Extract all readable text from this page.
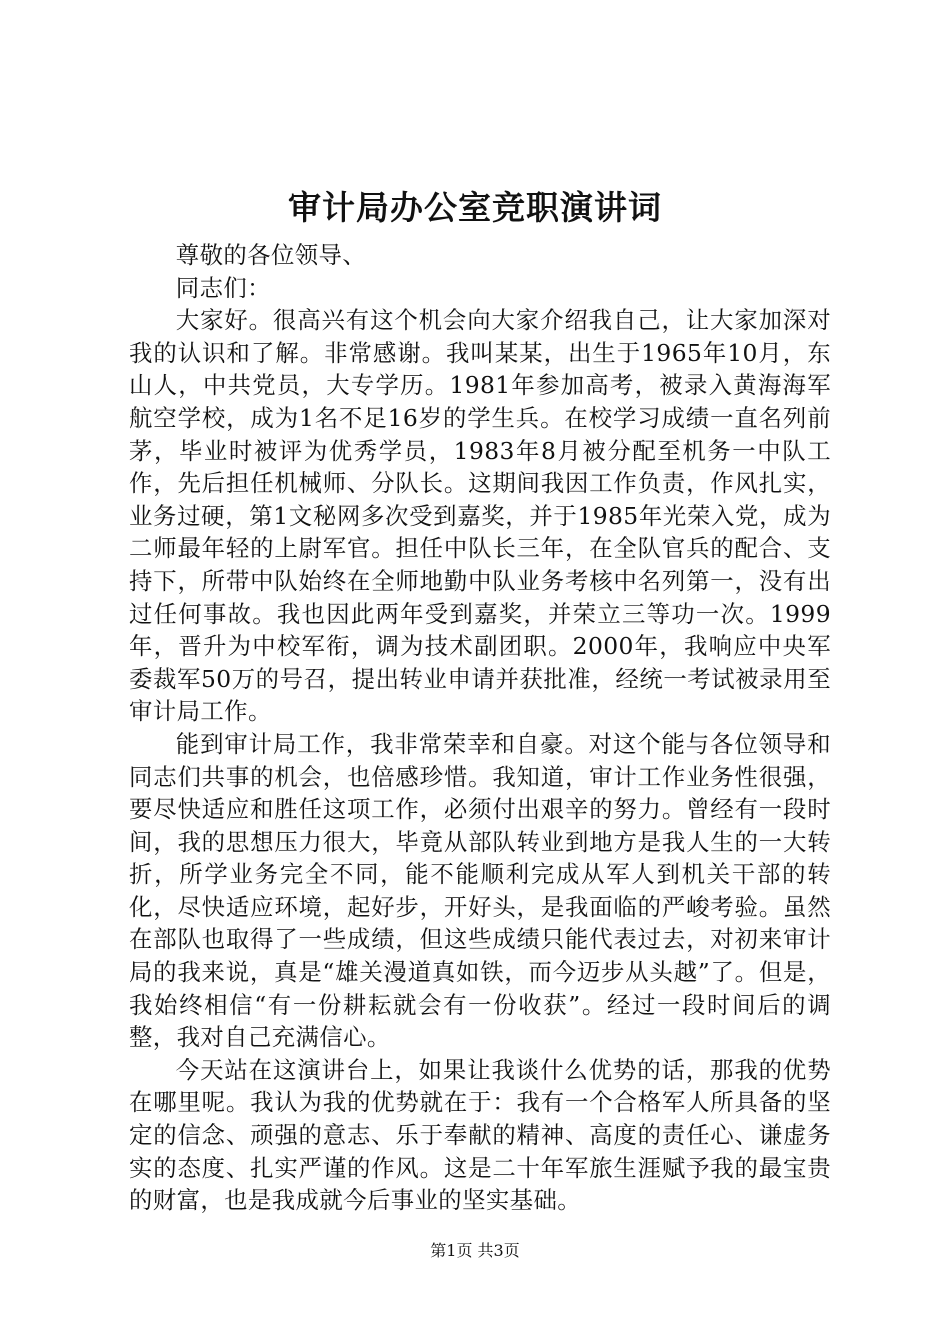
审计局办公室竞职演讲词

尊敬的各位领导、

同志们：

大家好。很高兴有这个机会向大家介绍我自己，让大家加深对我的认识和了解。非常感谢。我叫某某，出生于1965年10月，东山人，中共党员，大专学历。1981年参加高考，被录入黄海海军航空学校，成为1名不足16岁的学生兵。在校学习成绩一直名列前茅，毕业时被评为优秀学员，1983年8月被分配至机务一中队工作，先后担任机械师、分队长。这期间我因工作负责，作风扎实，业务过硬，第1文秘网多次受到嘉奖，并于1985年光荣入党，成为二师最年轻的上尉军官。担任中队长三年，在全队官兵的配合、支持下，所带中队始终在全师地勤中队业务考核中名列第一，没有出过任何事故。我也因此两年受到嘉奖，并荣立三等功一次。1999年，晋升为中校军衔，调为技术副团职。2000年，我响应中央军委裁军50万的号召，提出转业申请并获批准，经统一考试被录用至审计局工作。

能到审计局工作，我非常荣幸和自豪。对这个能与各位领导和同志们共事的机会，也倍感珍惜。我知道，审计工作业务性很强，要尽快适应和胜任这项工作，必须付出艰辛的努力。曾经有一段时间，我的思想压力很大，毕竟从部队转业到地方是我人生的一大转折，所学业务完全不同，能不能顺利完成从军人到机关干部的转化，尽快适应环境，起好步，开好头，是我面临的严峻考验。虽然在部队也取得了一些成绩，但这些成绩只能代表过去，对初来审计局的我来说，真是“雄关漫道真如铁，而今迈步从头越”了。但是，我始终相信“有一份耕耘就会有一份收获”。经过一段时间后的调整，我对自己充满信心。

今天站在这演讲台上，如果让我谈什么优势的话，那我的优势在哪里呢。我认为我的优势就在于：我有一个合格军人所具备的坚定的信念、顽强的意志、乐于奉献的精神、高度的责任心、谦虚务实的态度、扎实严谨的作风。这是二十年军旅生涯赋予我的最宝贵的财富，也是我成就今后事业的坚实基础。

第1页 共3页
